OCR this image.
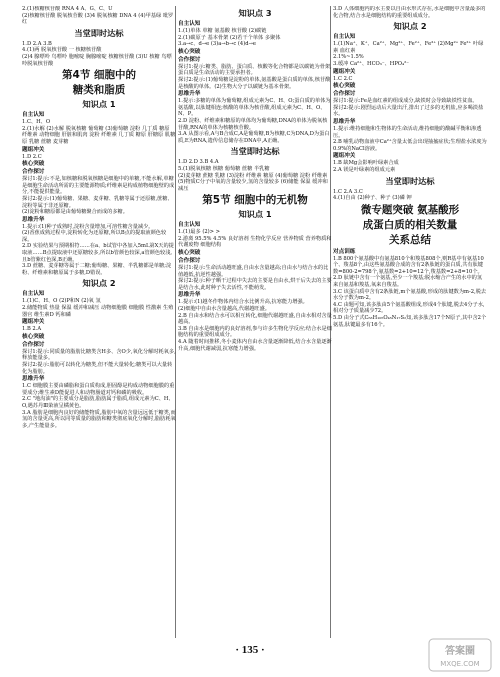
2.(1)核糖核苷酸 RNA 4 A、G、C、U
(2)核糖核苷酸 脱氧核苷酸 (3)4 脱氧核糖 DNA 4 (4)甲基绿 吡罗红
当堂即时达标
1.D 2.A 3.B
4.(1)两 脱氧核苷酸 一 核糖核苷酸
(2)4 腺嘌呤 鸟嘌呤 胞嘧啶 胸腺嘧啶 核糖核苷酸 (3)U 核糖 鸟嘌呤脱氧核苷酸
第4节 细胞中的
糖类和脂质
知识点 1
自主认知
1.C、H、O
2.(1)水解 (2)水解 脱氧核糖 葡萄糖 (3)葡萄糖 淀粉 几丁质 糖原 纤维素 动物细胞 肝脏和肌肉 淀粉 纤维素 几丁质 糖原 肝糖原 肌糖原 乳糖 蔗糖 麦芽糖
题组冲关
1.D 2.C
核心突破
合作探讨
探讨1:提示:不是,如核糖和脱氧核糖是细胞中的单糖,不能水解,单糖是细胞生命活动所需的主要能源物质;纤维素是构成植物细胞壁的成分,不能提供能量。
探讨2:提示:(1)葡萄糖、果糖、麦芽糖、乳糖等属于还原糖,蔗糖、淀粉等属于非还原糖。
(2)淀粉和糖原都是由葡萄糖聚合而成的多糖。
思维升华
1.提示:(1)种子成熟时,淀粉含量增加,可溶性糖含量减少。
(2)香蕉成熟过程中,淀粉转化为还原糖,所以B点的提取液颜色较深。
2.D 实验结果与预期相符……在a、b试管中各加入5mL第X天的提取液……B点提取液中还原糖较多,所以b管颜色较深,a管颜色较浅,且b管紫红色深,B正确。
3.D 蔗糖、麦芽糖等属于二糖;葡萄糖、果糖、半乳糖都是单糖;淀粉、纤维素和糖原属于多糖,D错误。
知识点 2
自主认知
1.(1)C、H、O (2)P和N (2)氧 氢
2.储能物质 热量 保温 缓冲和减压 动物细胞膜 细胞膜 性激素 生殖器官 维生素D 钙和磷
题组冲关
1.B 2.A
核心突破
合作探讨
探讨1:提示:同质量的脂肪比糖类含H多、含O少,氧化分解时耗氧多,释放能量多。
探讨2:提示:脂肪可以转化为糖类,但不能大量转化;糖类可以大量转化为脂肪。
思维升华
1.C 细胞膜主要由磷脂和蛋白质构成,胆固醇是构成动物细胞膜的重要成分;维生素D能促进人和动物肠道对钙和磷的吸收。
2.C "地沟油"的主要成分是脂肪,脂肪属于脂质,组成元素为C、H、O,遇苏丹Ⅲ染液呈橘黄色。
3.A 脂肪是细胞内良好的储能物质,脂肪中氧的含量远远低于糖类,而氢的含量更高,所以同等质量的脂肪和糖类彻底氧化分解时,脂肪耗氧多,产生能量多。
知识点 3
自主认知
1.(1)单体 单糖 氨基酸 核苷酸 (2)碳链
2.(1)碳原子 基本骨架 (2)若干个单体 多聚体
3.a→c、d→e (3)a→b→c (4)d→e
核心突破
合作探讨
探讨1:提示:糖类、脂肪、蛋白质、核酸等化合物都是以碳链为骨架,蛋白质是生命活动的主要承担者。
探讨2:提示:(1)葡萄糖是淀粉的单体,氨基酸是蛋白质的单体,核苷酸是核酸的单体。(2)生物大分子以碳链为基本骨架。
思维升华
1.提示:多糖的单体为葡萄糖,组成元素为C、H、O;蛋白质的单体为氨基酸,以肽键相连;核酸的单体为核苷酸,组成元素为C、H、O、N、P。
2.D 淀粉、纤维素和糖原的单体均为葡萄糖,DNA的单体为脱氧核苷酸,RNA的单体为核糖核苷酸。
3.A 从图示看,A与B合成C,A是葡萄糖,B为核糖,C为DNA,D为蛋白质,E为RNA,遗传信息储存在DNA中,A正确。
当堂即时达标
1.D 2.D 3.B 4.A
5.(1)脱氧核糖 核糖 葡萄糖 蔗糖 半乳糖
(2)麦芽糖 蔗糖 乳糖 (3)淀粉 纤维素 糖原 (4)葡萄糖 淀粉 纤维素
(5)物质C分子中氧的含量较少,氢的含量较多 (6)储能 保温 缓冲和减压
第5节 细胞中的无机物
知识点 1
自主认知
1.(1)最多 (2)> >
2.游离 95.5% 4.5% 良好溶剂 生物化学反应 营养物质 营养物质和代谢废物 细胞结构
核心突破
合作探讨
探讨1:提示:生命活动越旺盛,自由水含量越高;自由水与结合水的比值越低,抗逆性越强。
探讨2:提示:种子晒干过程中失去的主要是自由水,烘干后失去的主要是结合水,此时种子失去活性,不能萌发。
思维升华
1.提示:(1)越冬作物体内结合水比例升高,抗寒能力增强。
(2)细胞中自由水含量越高,代谢越旺盛。
2.B 自由水和结合水可以相互转化,细胞代谢越旺盛,自由水相对含量越高。
3.B 自由水是细胞内的良好溶剂,参与许多生物化学反应;结合水是细胞结构的重要组成成分。
4.A 随着时间推移,冬小麦体内自由水含量逐渐降低,结合水含量逐渐升高,细胞代谢减弱,抗寒能力增强。
3.D 人体细胞内的水主要以自由水形式存在,水是细胞中含量最多的化合物,结合水是细胞结构的重要组成成分。
知识点 2
自主认知
1.(1)Na⁺、K⁺、Ca²⁺、Mg²⁺、Fe²⁺、Fe³⁺ (2)Mg²⁺ Fe²⁺ 叶绿素 血红素
2.1%~1.5%
3.缓冲 Ca²⁺、HCO₃⁻、HPO₄²⁻
题组冲关
1.C 2.C
核心突破
合作探讨
探讨1:提示:Fe是血红素的组成成分,缺铁时会导致缺铁性贫血。
探讨2:提示:剧烈运动后大量出汗,排出了过多的无机盐,应多喝淡盐水。
思维升华
1.提示:维持细胞和生物体的生命活动,维持细胞的酸碱平衡和渗透压。
2.B 哺乳动物血液中Ca²⁺含量太低会出现抽搐症状;生理盐水浓度为0.9%的NaCl溶液。
题组冲关
1.B 缺Mg会影响叶绿素合成
2.A 镁是叶绿素的组成元素
当堂即时达标
1.C 2.A 3.C
4.(1)自由 (2)种子、种子 (3)磷 钾
微专题突破 氨基酸形
成蛋白质的相关数量
关系总结
对点训练
1.B 800个氨基酸中有氨基810个和羧基808个,则R基中有氨基10个、羧基8个,由这些氨基酸合成的含有2条肽链的蛋白质,共有肽键数=800-2=798个,氨基数=2+10=12个,羧基数=2+8=10个。
2.D 肽链中含有一个氨基,至少一个羧基;脱水缩合产生的水中的氢来自氨基和羧基,氧来自羧基。
3.C 该蛋白质中含有2条肽链,m个氨基酸,形成的肽键数为m-2,脱去水分子数为m-2。
4.C 由题可知,该多肽由5个氨基酸组成,形成4个肽键,脱去4分子水,相对分子质量减少72。
5.D 由分子式C₆₃H₁₀₅O₄₅N₁₇S₂知,该多肽含17个N原子,其中含2个氨基,肽键最多有16个。
· 135 ·	答案圈
MXQE.COM
